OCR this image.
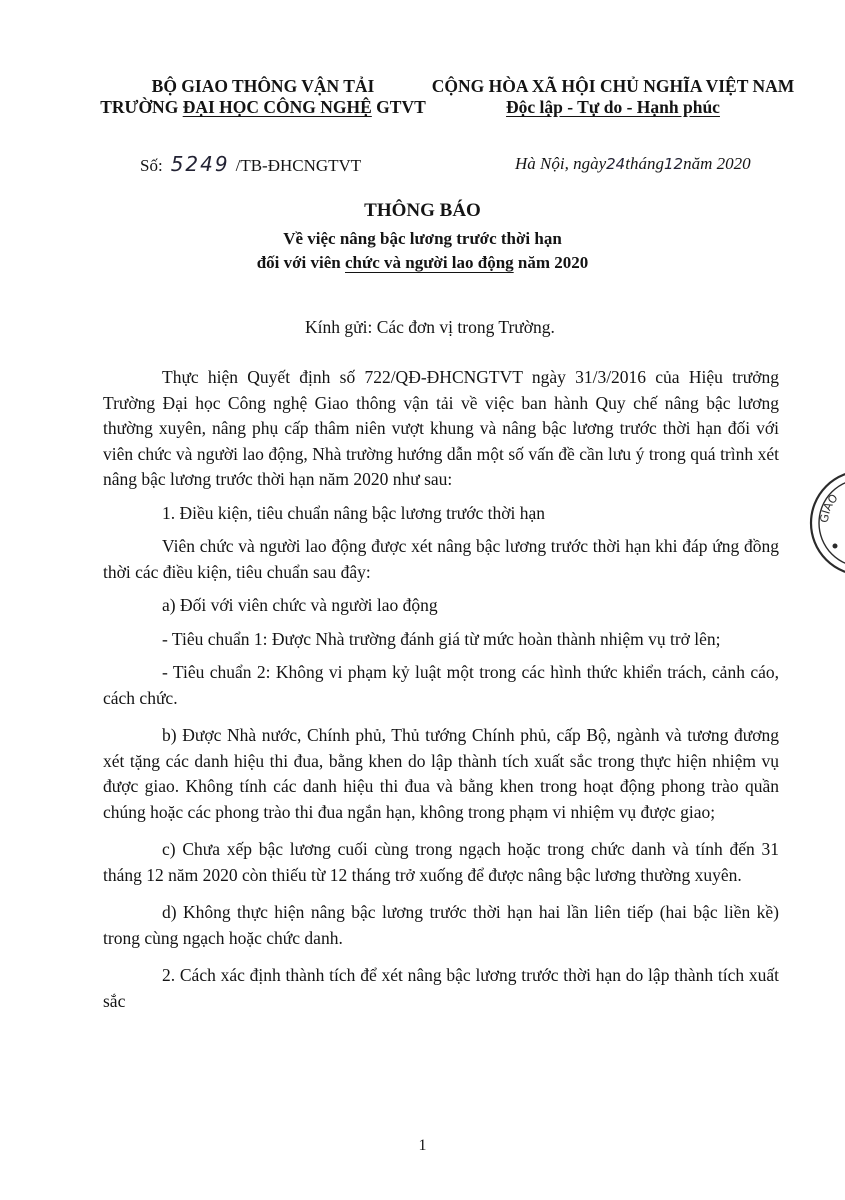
BỘ GIAO THÔNG VẬN TẢI
TRƯỜNG ĐẠI HỌC CÔNG NGHỆ GTVT
CỘNG HÒA XÃ HỘI CHỦ NGHĨA VIỆT NAM
Độc lập - Tự do - Hạnh phúc
Số: 5249 /TB-ĐHCNGTVT	Hà Nội, ngày24tháng12năm 2020
THÔNG BÁO
Về việc nâng bậc lương trước thời hạn
đối với viên chức và người lao động năm 2020
Kính gửi: Các đơn vị trong Trường.

Thực hiện Quyết định số 722/QĐ-ĐHCNGTVT ngày 31/3/2016 của Hiệu trưởng Trường Đại học Công nghệ Giao thông vận tải về việc ban hành Quy chế nâng bậc lương thường xuyên, nâng phụ cấp thâm niên vượt khung và nâng bậc lương trước thời hạn đối với viên chức và người lao động, Nhà trường hướng dẫn một số vấn đề cần lưu ý trong quá trình xét nâng bậc lương trước thời hạn năm 2020 như sau:

1. Điều kiện, tiêu chuẩn nâng bậc lương trước thời hạn

Viên chức và người lao động được xét nâng bậc lương trước thời hạn khi đáp ứng đồng thời các điều kiện, tiêu chuẩn sau đây:

a) Đối với viên chức và người lao động

- Tiêu chuẩn 1: Được Nhà trường đánh giá từ mức hoàn thành nhiệm vụ trở lên;

- Tiêu chuẩn 2: Không vi phạm kỷ luật một trong các hình thức khiển trách, cảnh cáo, cách chức.

b) Được Nhà nước, Chính phủ, Thủ tướng Chính phủ, cấp Bộ, ngành và tương đương xét tặng các danh hiệu thi đua, bằng khen do lập thành tích xuất sắc trong thực hiện nhiệm vụ được giao. Không tính các danh hiệu thi đua và bằng khen trong hoạt động phong trào quần chúng hoặc các phong trào thi đua ngắn hạn, không trong phạm vi nhiệm vụ được giao;

c) Chưa xếp bậc lương cuối cùng trong ngạch hoặc trong chức danh và tính đến 31 tháng 12 năm 2020 còn thiếu từ 12 tháng trở xuống để được nâng bậc lương thường xuyên.

d) Không thực hiện nâng bậc lương trước thời hạn hai lần liên tiếp (hai bậc liền kề) trong cùng ngạch hoặc chức danh.

2. Cách xác định thành tích để xét nâng bậc lương trước thời hạn do lập thành tích xuất sắc

1
GIAO
